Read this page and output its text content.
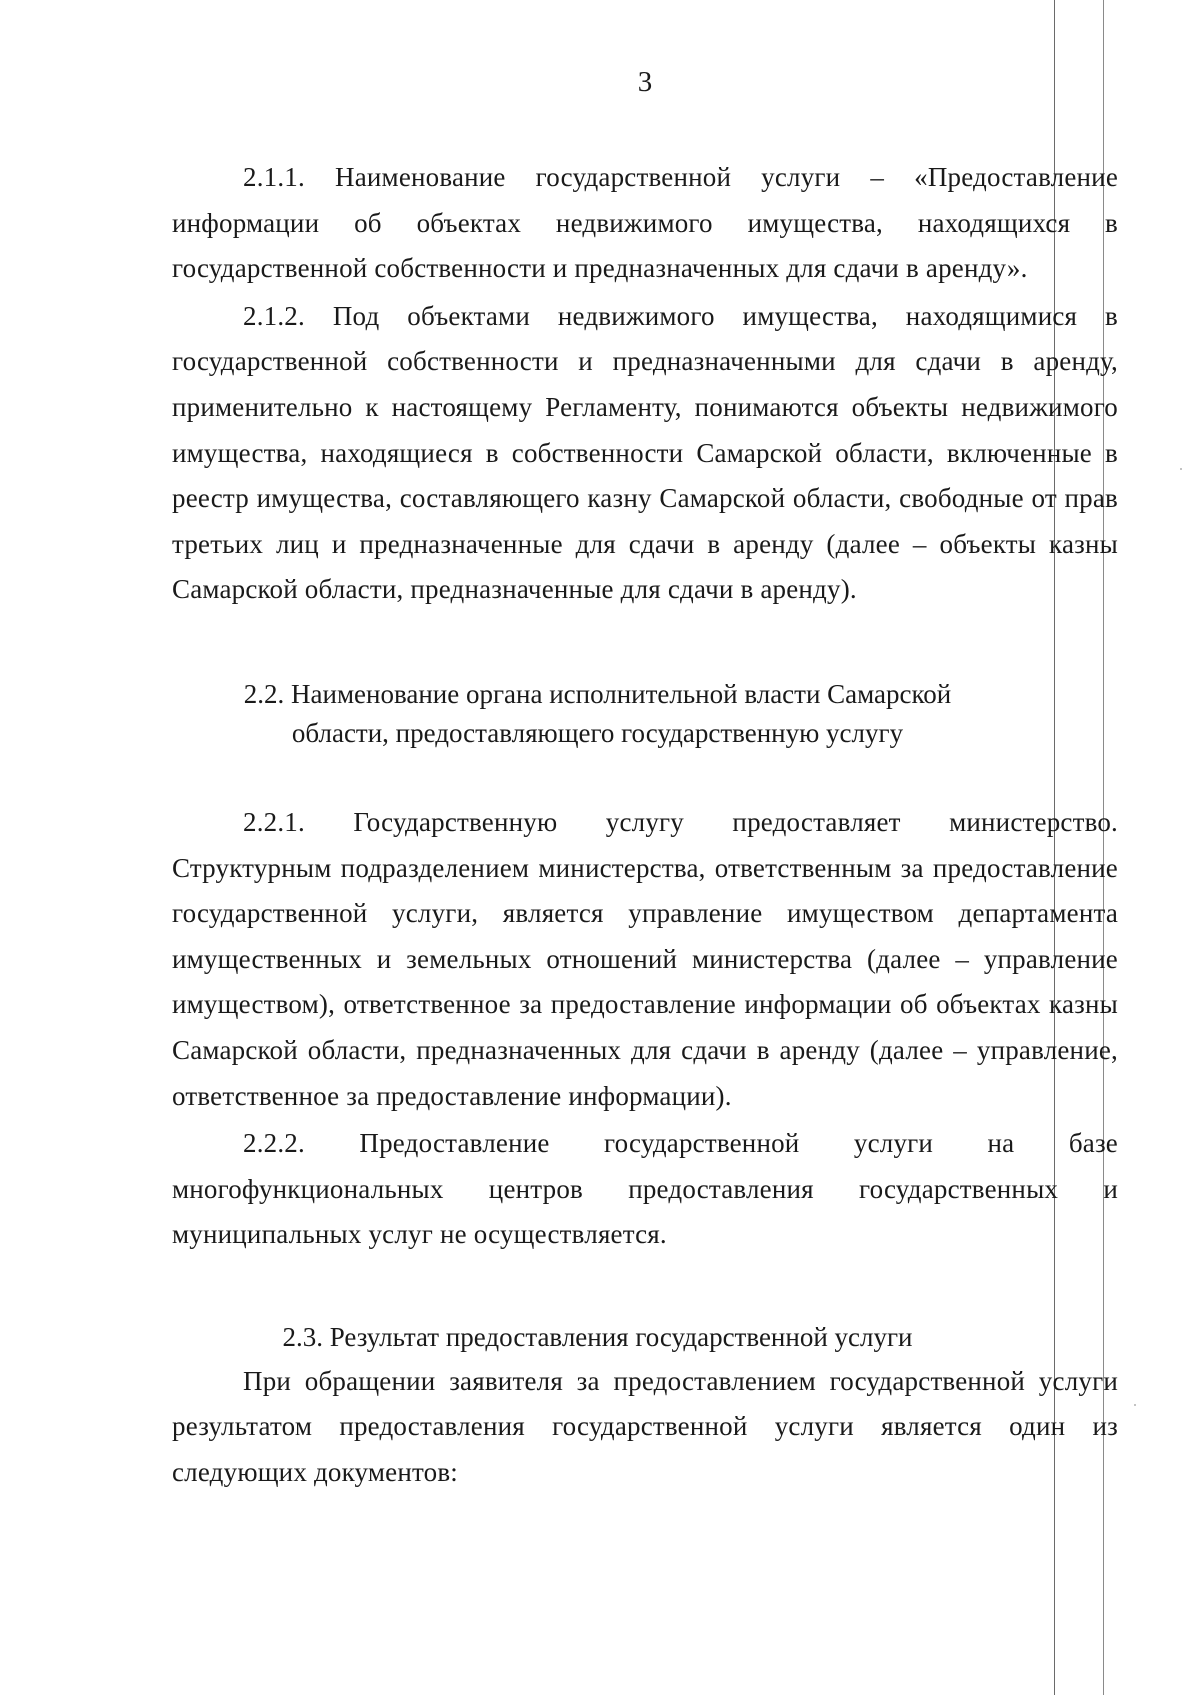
3

2.1.1. Наименование государственной услуги – «Предоставление информации об объектах недвижимого имущества, находящихся в государственной собственности и предназначенных для сдачи в аренду».

2.1.2. Под объектами недвижимого имущества, находящимися в государственной собственности и предназначенными для сдачи в аренду, применительно к настоящему Регламенту, понимаются объекты недвижимого имущества, находящиеся в собственности Самарской области, включенные в реестр имущества, составляющего казну Самарской области, свободные от прав третьих лиц и предназначенные для сдачи в аренду (далее – объекты казны Самарской области, предназначенные для сдачи в аренду).

2.2. Наименование органа исполнительной власти Самарской

области, предоставляющего государственную услугу

2.2.1. Государственную услугу предоставляет министерство. Структурным подразделением министерства, ответственным за предоставление государственной услуги, является управление имуществом департамента имущественных и земельных отношений министерства (далее – управление имуществом), ответственное за предоставление информации об объектах казны Самарской области, предназначенных для сдачи в аренду (далее – управление, ответственное за предоставление информации).

2.2.2. Предоставление государственной услуги на базе многофункциональных центров предоставления государственных и муниципальных услуг не осуществляется.

2.3. Результат предоставления государственной услуги

При обращении заявителя за предоставлением государственной услуги результатом предоставления государственной услуги является один из следующих документов:
